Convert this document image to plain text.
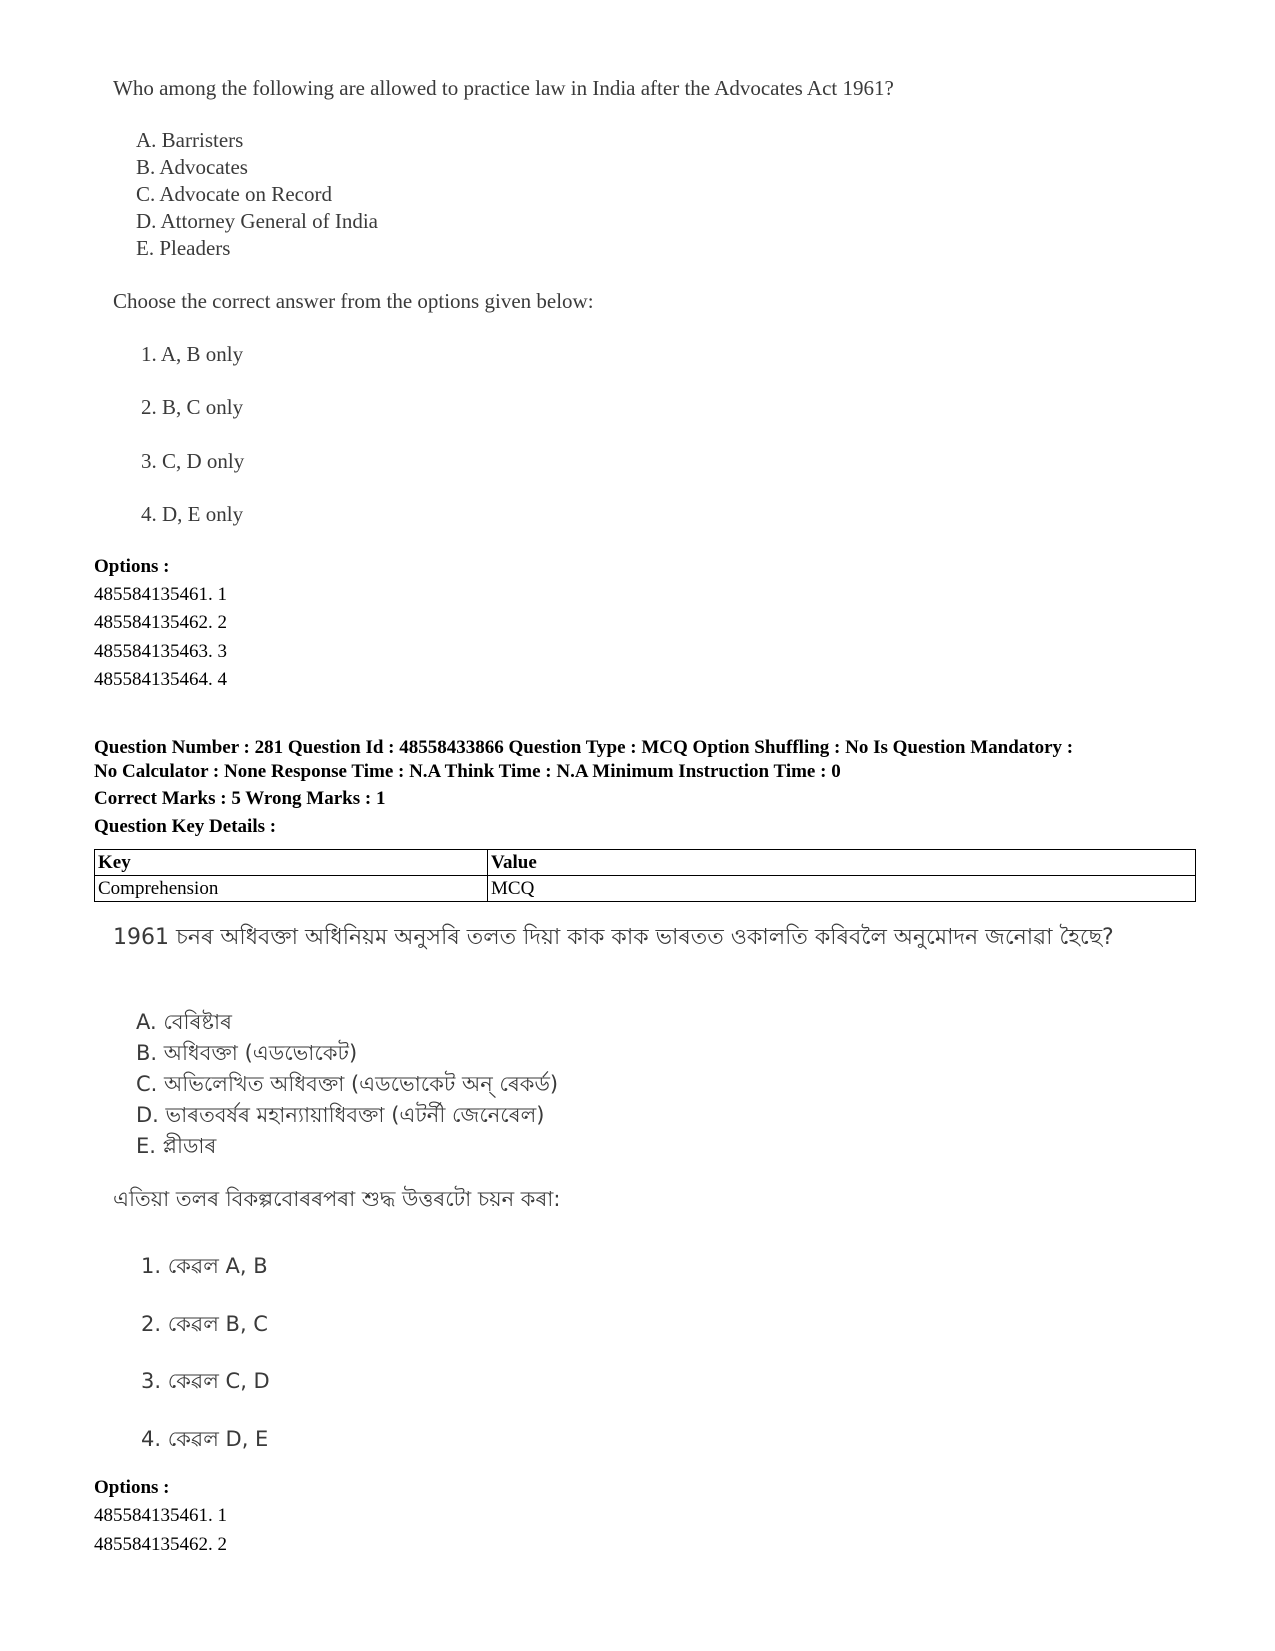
Who among the following are allowed to practice law in India after the Advocates Act 1961?
A. Barristers
B. Advocates
C. Advocate on Record
D. Attorney General of India
E. Pleaders
Choose the correct answer from the options given below:
1. A, B only
2. B, C only
3. C, D only
4. D, E only
Options :
485584135461. 1
485584135462. 2
485584135463. 3
485584135464. 4
Question Number : 281 Question Id : 48558433866 Question Type : MCQ Option Shuffling : No Is Question Mandatory :
No Calculator : None Response Time : N.A Think Time : N.A Minimum Instruction Time : 0
Correct Marks : 5 Wrong Marks : 1
Question Key Details :
Key	Value
Comprehension	MCQ
1961 চনৰ অধিবক্তা অধিনিয়ম অনুসৰি তলত দিয়া কাক কাক ভাৰতত ওকালতি কৰিবলৈ অনুমোদন জনোৱা হৈছে?
A. বেৰিষ্টাৰ
B. অধিবক্তা (এডভোকেট)
C. অভিলেখিত অধিবক্তা (এডভোকেট অন্ ৰেকৰ্ড)
D. ভাৰতবৰ্ষৰ মহান্যায়াধিবক্তা (এটৰ্নী জেনেৰেল)
E. প্লীডাৰ
এতিয়া তলৰ বিকল্পবোৰৰপৰা শুদ্ধ উত্তৰটো চয়ন কৰা:
1. কেৱল A, B
2. কেৱল B, C
3. কেৱল C, D
4. কেৱল D, E
Options :
485584135461. 1
485584135462. 2
